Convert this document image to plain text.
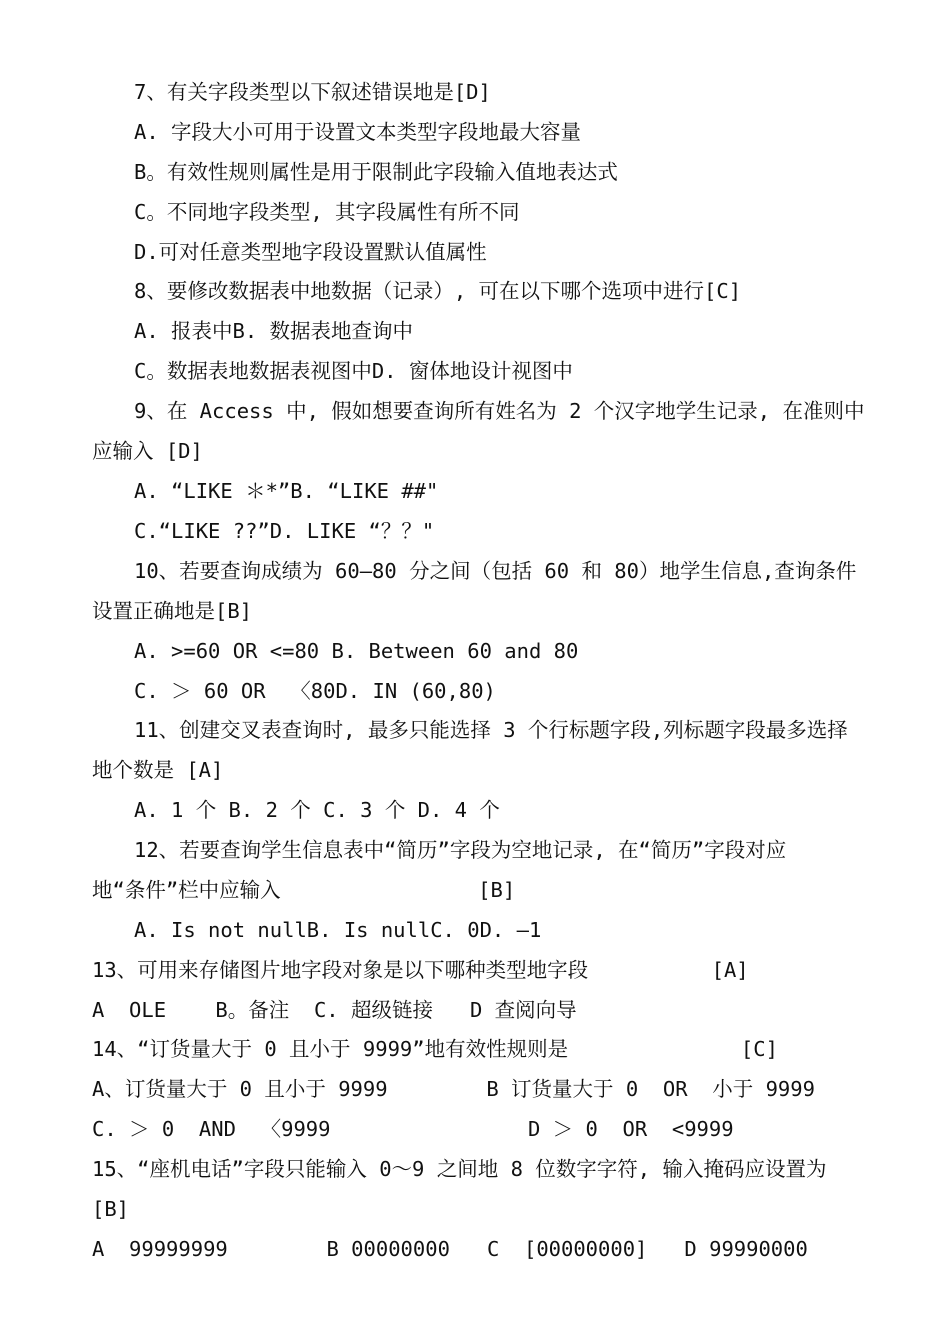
7、有关字段类型以下叙述错误地是[D]
A. 字段大小可用于设置文本类型字段地最大容量
B。有效性规则属性是用于限制此字段输入值地表达式
C。不同地字段类型, 其字段属性有所不同
D.可对任意类型地字段设置默认值属性
8、要修改数据表中地数据（记录）, 可在以下哪个选项中进行[C]
A. 报表中B. 数据表地查询中
C。数据表地数据表视图中D. 窗体地设计视图中
9、在 Access 中, 假如想要查询所有姓名为 2 个汉字地学生记录, 在准则中
应输入 [D]
A. “LIKE ＊*”B. “LIKE ##"
C.“LIKE ??”D. LIKE “？？"
10、若要查询成绩为 60—80 分之间（包括 60 和 80）地学生信息,查询条件
设置正确地是[B]
A. >=60 OR <=80 B. Between 60 and 80
C. ＞ 60 OR  〈80D. IN (60,80)
11、创建交叉表查询时, 最多只能选择 3 个行标题字段,列标题字段最多选择
地个数是 [A]
A. 1 个 B. 2 个 C. 3 个 D. 4 个
12、若要查询学生信息表中“简历”字段为空地记录, 在“简历”字段对应
地“条件”栏中应输入                [B]
A. Is not nullB. Is nullC. 0D. —1
13、可用来存储图片地字段对象是以下哪种类型地字段          [A]
A  OLE    B。备注  C. 超级链接   D 查阅向导
14、“订货量大于 0 且小于 9999”地有效性规则是              [C]
A、订货量大于 0 且小于 9999        B 订货量大于 0  OR  小于 9999
C. ＞ 0  AND  〈9999                D ＞ 0  OR  <9999
15、“座机电话”字段只能输入 0～9 之间地 8 位数字字符, 输入掩码应设置为
[B]
A  99999999        B 00000000   C  [00000000]   D 99990000
